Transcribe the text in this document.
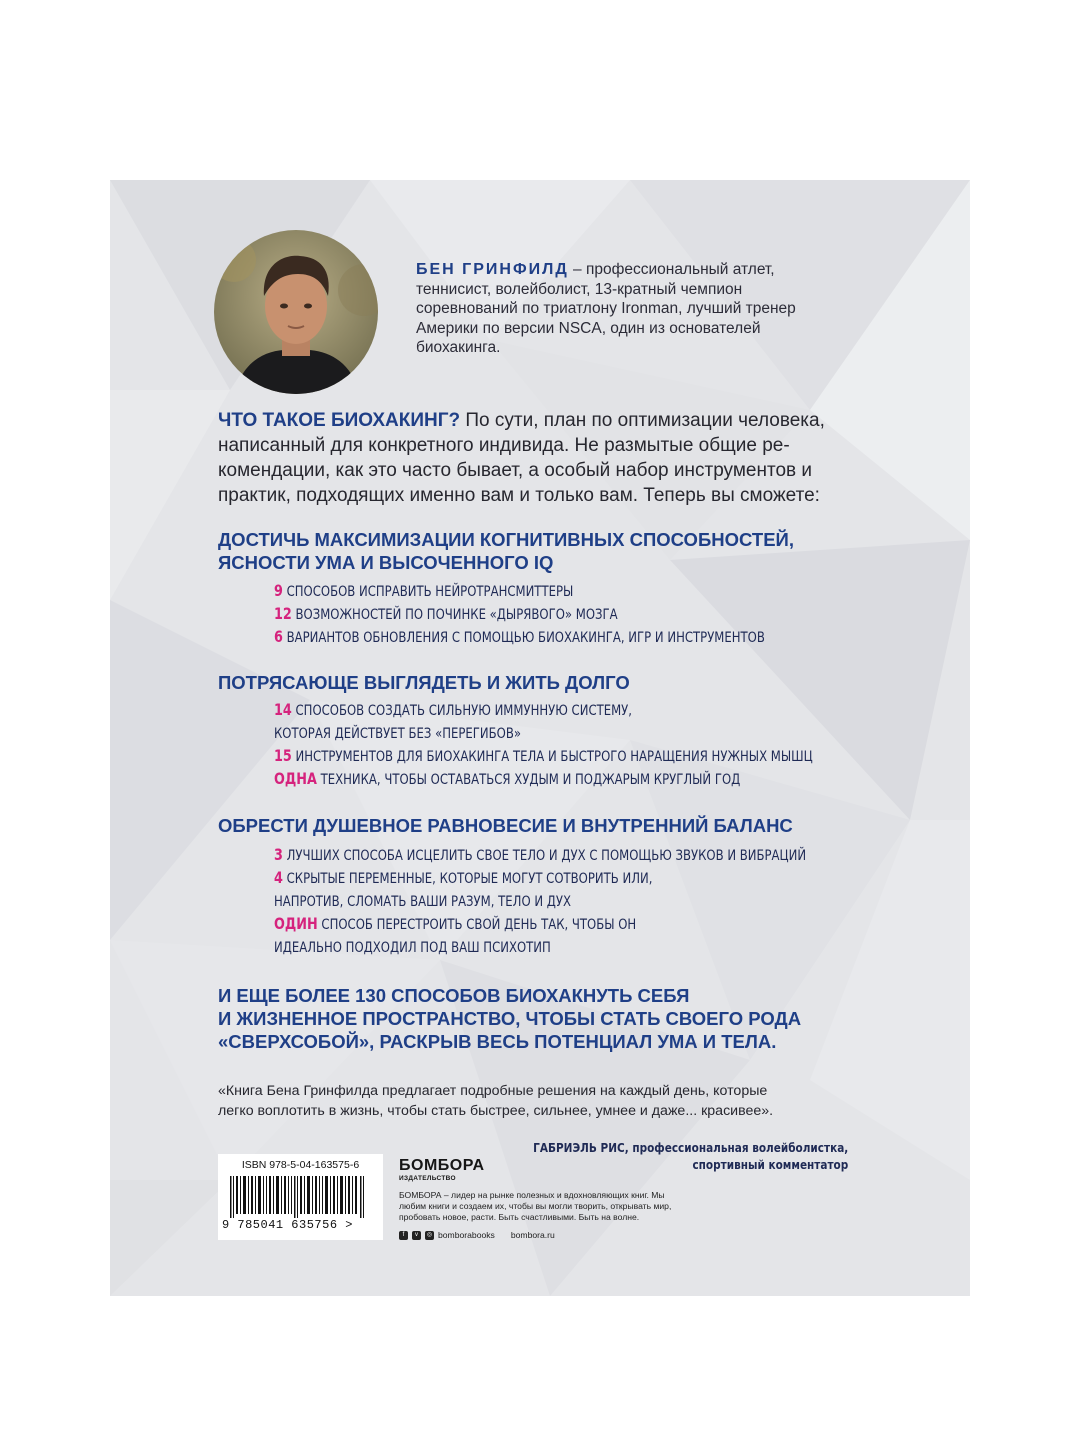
БЕН ГРИНФИЛД – профессиональный атлет, теннисист, волейболист, 13-кратный чемпион соревнований по триатлону Ironman, лучший тренер Америки по версии NSCA, один из основателей биохакинга.
ЧТО ТАКОЕ БИОХАКИНГ? По сути, план по оптимизации человека, написанный для конкретного индивида. Не размытые общие рекомендации, как это часто бывает, а особый набор инструментов и практик, подходящих именно вам и только вам. Теперь вы сможете:
ДОСТИЧЬ МАКСИМИЗАЦИИ КОГНИТИВНЫХ СПОСОБНОСТЕЙ,
ЯСНОСТИ УМА И ВЫСОЧЕННОГО IQ
9 СПОСОБОВ ИСПРАВИТЬ НЕЙРОТРАНСМИТТЕРЫ
12 ВОЗМОЖНОСТЕЙ ПО ПОЧИНКЕ «ДЫРЯВОГО» МОЗГА
6 ВАРИАНТОВ ОБНОВЛЕНИЯ С ПОМОЩЬЮ БИОХАКИНГА, ИГР И ИНСТРУМЕНТОВ
ПОТРЯСАЮЩЕ ВЫГЛЯДЕТЬ И ЖИТЬ ДОЛГО
14 СПОСОБОВ СОЗДАТЬ СИЛЬНУЮ ИММУННУЮ СИСТЕМУ,
КОТОРАЯ ДЕЙСТВУЕТ БЕЗ «ПЕРЕГИБОВ»
15 ИНСТРУМЕНТОВ ДЛЯ БИОХАКИНГА ТЕЛА И БЫСТРОГО НАРАЩЕНИЯ НУЖНЫХ МЫШЦ
ОДНА ТЕХНИКА, ЧТОБЫ ОСТАВАТЬСЯ ХУДЫМ И ПОДЖАРЫМ КРУГЛЫЙ ГОД
ОБРЕСТИ ДУШЕВНОЕ РАВНОВЕСИЕ И ВНУТРЕННИЙ БАЛАНС
3 ЛУЧШИХ СПОСОБА ИСЦЕЛИТЬ СВОЕ ТЕЛО И ДУХ С ПОМОЩЬЮ ЗВУКОВ И ВИБРАЦИЙ
4 СКРЫТЫЕ ПЕРЕМЕННЫЕ, КОТОРЫЕ МОГУТ СОТВОРИТЬ ИЛИ,
НАПРОТИВ, СЛОМАТЬ ВАШИ РАЗУМ, ТЕЛО И ДУХ
ОДИН СПОСОБ ПЕРЕСТРОИТЬ СВОЙ ДЕНЬ ТАК, ЧТОБЫ ОН
ИДЕАЛЬНО ПОДХОДИЛ ПОД ВАШ ПСИХОТИП
И ЕЩЕ БОЛЕЕ 130 СПОСОБОВ БИОХАКНУТЬ СЕБЯ
И ЖИЗНЕННОЕ ПРОСТРАНСТВО, ЧТОБЫ СТАТЬ СВОЕГО РОДА
«СВЕРХСОБОЙ», РАСКРЫВ ВЕСЬ ПОТЕНЦИАЛ УМА И ТЕЛА.
«Книга Бена Гринфилда предлагает подробные решения на каждый день, которые
легко воплотить в жизнь, чтобы стать быстрее, сильнее, умнее и даже... красивее».
ГАБРИЭЛЬ РИС, профессиональная волейболистка,
спортивный комментатор
ISBN 978-5-04-163575-6
9 785041 635756 >
БОМБОРА
ИЗДАТЕЛЬСТВО
БОМБОРА – лидер на рынке полезных и вдохновляющих книг. Мы любим книги и создаем их, чтобы вы могли творить, открывать мир, пробовать новое, расти. Быть счастливыми. Быть на волне.
f	v	◎ bomborabooks bombora.ru
